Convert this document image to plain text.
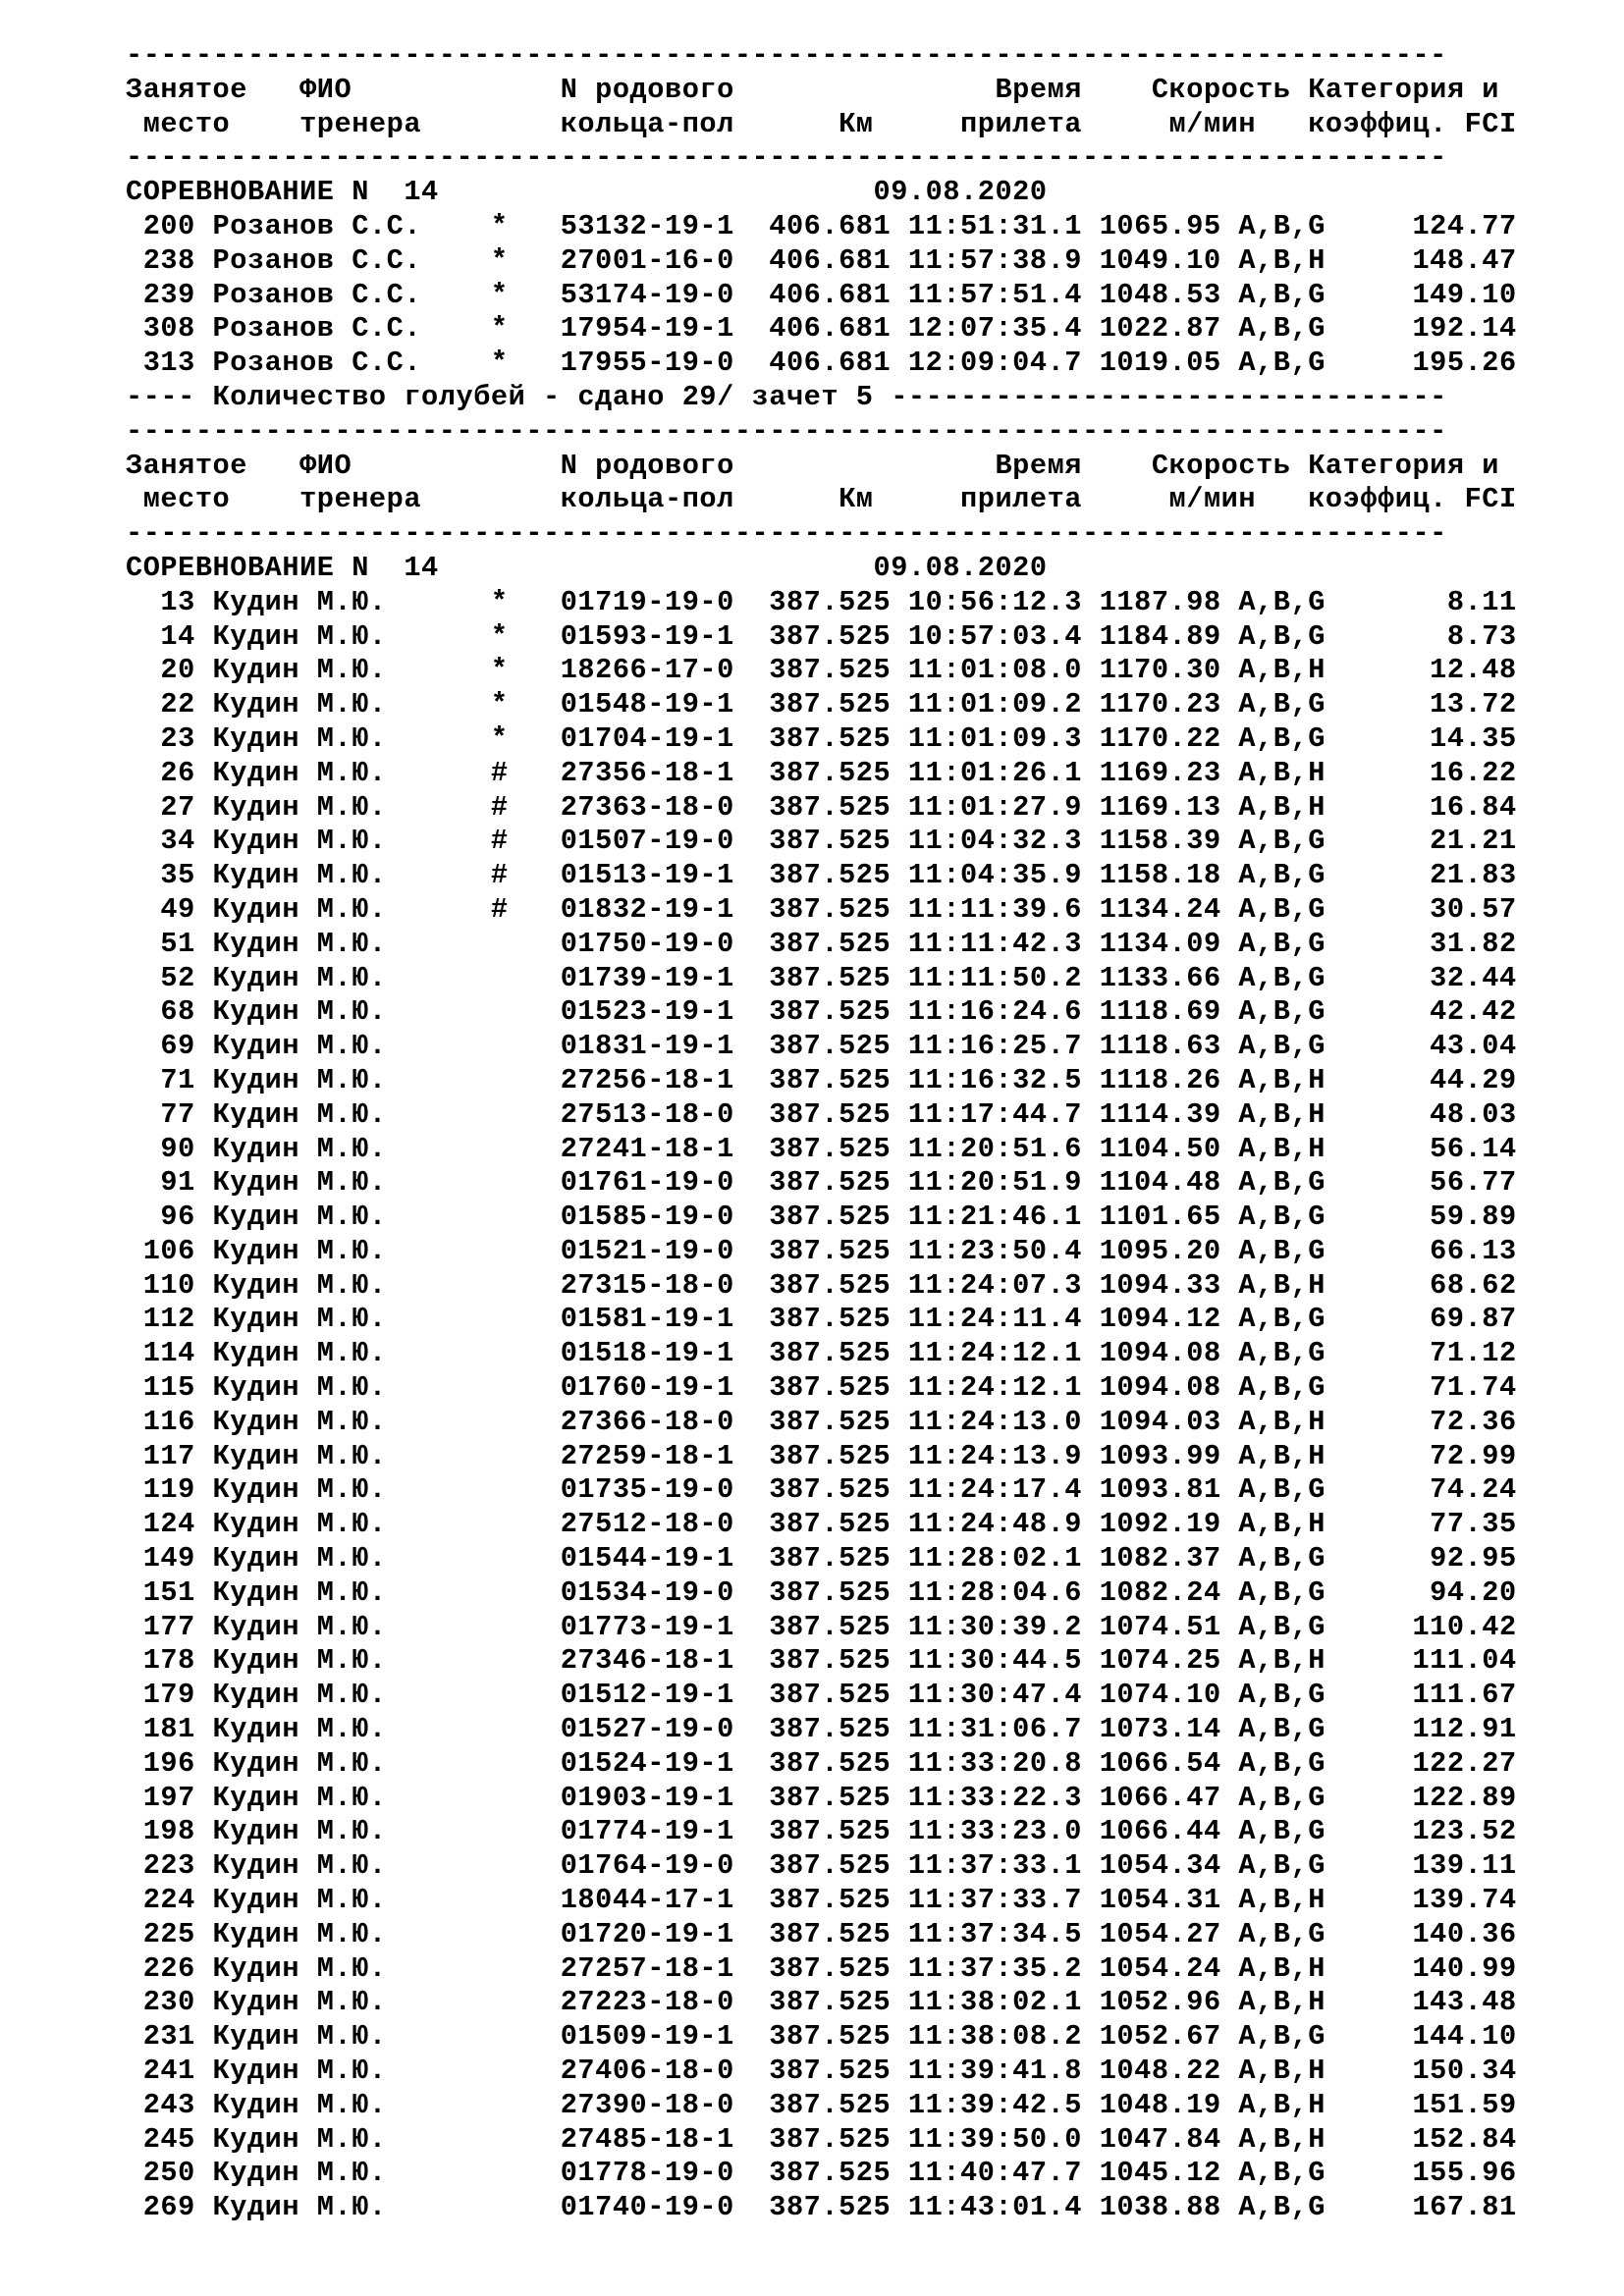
----------------------------------------------------------------------------
Занятое   ФИО            N родового               Время    Скорость Категория и
место    тренера        кольца-пол      Км     прилета     м/мин   коэффиц. FCI
----------------------------------------------------------------------------
СОРЕВНОВАНИЕ N  14                         09.08.2020
200 Розанов С.С.    *   53132-19-1  406.681 11:51:31.1 1065.95 A,B,G     124.77
238 Розанов С.С.    *   27001-16-0  406.681 11:57:38.9 1049.10 A,B,H     148.47
239 Розанов С.С.    *   53174-19-0  406.681 11:57:51.4 1048.53 A,B,G     149.10
308 Розанов С.С.    *   17954-19-1  406.681 12:07:35.4 1022.87 A,B,G     192.14
313 Розанов С.С.    *   17955-19-0  406.681 12:09:04.7 1019.05 A,B,G     195.26
---- Количество голубей - сдано 29/ зачет 5 --------------------------------
----------------------------------------------------------------------------
Занятое   ФИО            N родового               Время    Скорость Категория и
место    тренера        кольца-пол      Км     прилета     м/мин   коэффиц. FCI
----------------------------------------------------------------------------
СОРЕВНОВАНИЕ N  14                         09.08.2020
13 Кудин М.Ю.      *   01719-19-0  387.525 10:56:12.3 1187.98 A,B,G       8.11
14 Кудин М.Ю.      *   01593-19-1  387.525 10:57:03.4 1184.89 A,B,G       8.73
20 Кудин М.Ю.      *   18266-17-0  387.525 11:01:08.0 1170.30 A,B,H      12.48
22 Кудин М.Ю.      *   01548-19-1  387.525 11:01:09.2 1170.23 A,B,G      13.72
23 Кудин М.Ю.      *   01704-19-1  387.525 11:01:09.3 1170.22 A,B,G      14.35
26 Кудин М.Ю.      #   27356-18-1  387.525 11:01:26.1 1169.23 A,B,H      16.22
27 Кудин М.Ю.      #   27363-18-0  387.525 11:01:27.9 1169.13 A,B,H      16.84
34 Кудин М.Ю.      #   01507-19-0  387.525 11:04:32.3 1158.39 A,B,G      21.21
35 Кудин М.Ю.      #   01513-19-1  387.525 11:04:35.9 1158.18 A,B,G      21.83
49 Кудин М.Ю.      #   01832-19-1  387.525 11:11:39.6 1134.24 A,B,G      30.57
51 Кудин М.Ю.          01750-19-0  387.525 11:11:42.3 1134.09 A,B,G      31.82
52 Кудин М.Ю.          01739-19-1  387.525 11:11:50.2 1133.66 A,B,G      32.44
68 Кудин М.Ю.          01523-19-1  387.525 11:16:24.6 1118.69 A,B,G      42.42
69 Кудин М.Ю.          01831-19-1  387.525 11:16:25.7 1118.63 A,B,G      43.04
71 Кудин М.Ю.          27256-18-1  387.525 11:16:32.5 1118.26 A,B,H      44.29
77 Кудин М.Ю.          27513-18-0  387.525 11:17:44.7 1114.39 A,B,H      48.03
90 Кудин М.Ю.          27241-18-1  387.525 11:20:51.6 1104.50 A,B,H      56.14
91 Кудин М.Ю.          01761-19-0  387.525 11:20:51.9 1104.48 A,B,G      56.77
96 Кудин М.Ю.          01585-19-0  387.525 11:21:46.1 1101.65 A,B,G      59.89
106 Кудин М.Ю.          01521-19-0  387.525 11:23:50.4 1095.20 A,B,G      66.13
110 Кудин М.Ю.          27315-18-0  387.525 11:24:07.3 1094.33 A,B,H      68.62
112 Кудин М.Ю.          01581-19-1  387.525 11:24:11.4 1094.12 A,B,G      69.87
114 Кудин М.Ю.          01518-19-1  387.525 11:24:12.1 1094.08 A,B,G      71.12
115 Кудин М.Ю.          01760-19-1  387.525 11:24:12.1 1094.08 A,B,G      71.74
116 Кудин М.Ю.          27366-18-0  387.525 11:24:13.0 1094.03 A,B,H      72.36
117 Кудин М.Ю.          27259-18-1  387.525 11:24:13.9 1093.99 A,B,H      72.99
119 Кудин М.Ю.          01735-19-0  387.525 11:24:17.4 1093.81 A,B,G      74.24
124 Кудин М.Ю.          27512-18-0  387.525 11:24:48.9 1092.19 A,B,H      77.35
149 Кудин М.Ю.          01544-19-1  387.525 11:28:02.1 1082.37 A,B,G      92.95
151 Кудин М.Ю.          01534-19-0  387.525 11:28:04.6 1082.24 A,B,G      94.20
177 Кудин М.Ю.          01773-19-1  387.525 11:30:39.2 1074.51 A,B,G     110.42
178 Кудин М.Ю.          27346-18-1  387.525 11:30:44.5 1074.25 A,B,H     111.04
179 Кудин М.Ю.          01512-19-1  387.525 11:30:47.4 1074.10 A,B,G     111.67
181 Кудин М.Ю.          01527-19-0  387.525 11:31:06.7 1073.14 A,B,G     112.91
196 Кудин М.Ю.          01524-19-1  387.525 11:33:20.8 1066.54 A,B,G     122.27
197 Кудин М.Ю.          01903-19-1  387.525 11:33:22.3 1066.47 A,B,G     122.89
198 Кудин М.Ю.          01774-19-1  387.525 11:33:23.0 1066.44 A,B,G     123.52
223 Кудин М.Ю.          01764-19-0  387.525 11:37:33.1 1054.34 A,B,G     139.11
224 Кудин М.Ю.          18044-17-1  387.525 11:37:33.7 1054.31 A,B,H     139.74
225 Кудин М.Ю.          01720-19-1  387.525 11:37:34.5 1054.27 A,B,G     140.36
226 Кудин М.Ю.          27257-18-1  387.525 11:37:35.2 1054.24 A,B,H     140.99
230 Кудин М.Ю.          27223-18-0  387.525 11:38:02.1 1052.96 A,B,H     143.48
231 Кудин М.Ю.          01509-19-1  387.525 11:38:08.2 1052.67 A,B,G     144.10
241 Кудин М.Ю.          27406-18-0  387.525 11:39:41.8 1048.22 A,B,H     150.34
243 Кудин М.Ю.          27390-18-0  387.525 11:39:42.5 1048.19 A,B,H     151.59
245 Кудин М.Ю.          27485-18-1  387.525 11:39:50.0 1047.84 A,B,H     152.84
250 Кудин М.Ю.          01778-19-0  387.525 11:40:47.7 1045.12 A,B,G     155.96
269 Кудин М.Ю.          01740-19-0  387.525 11:43:01.4 1038.88 A,B,G     167.81
